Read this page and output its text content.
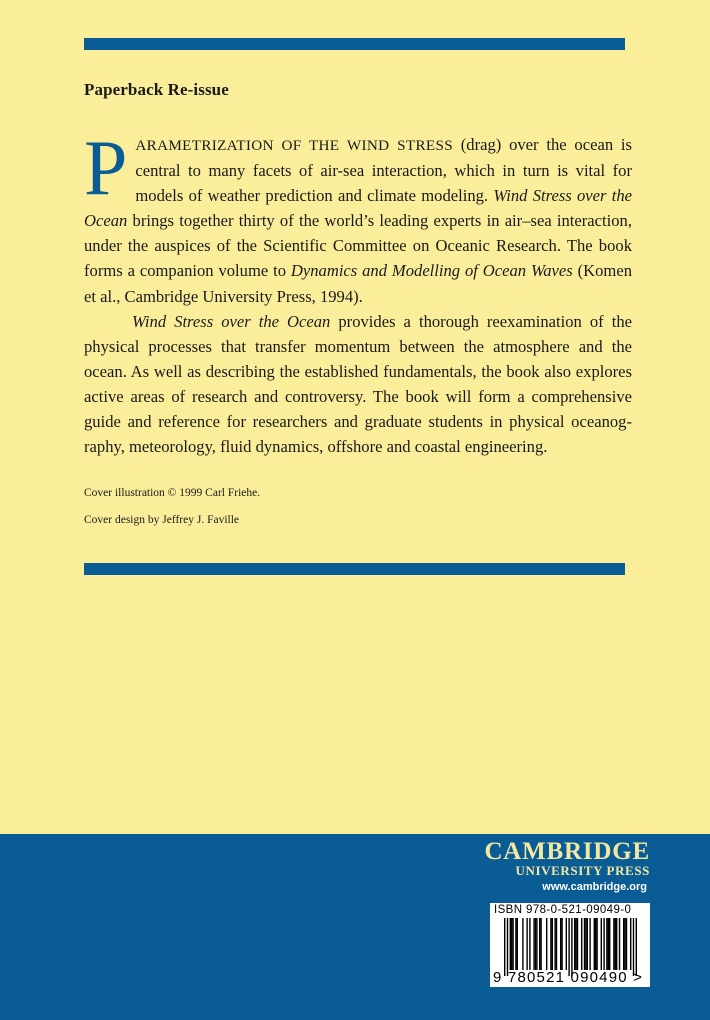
Paperback Re-issue

PARAMETRIZATION OF THE WIND STRESS (drag) over the ocean is central to many facets of air-sea interaction, which in turn is vital for models of weather prediction and climate modeling. Wind Stress over the Ocean brings together thirty of the world’s leading experts in air–sea interaction, under the auspices of the Scientific Committee on Oceanic Research. The book forms a companion volume to Dynamics and Modelling of Ocean Waves (Komen et al., Cambridge University Press, 1994).

Wind Stress over the Ocean provides a thorough reexamination of the physical processes that transfer momentum between the atmosphere and the ocean. As well as describing the established fundamentals, the book also explores active areas of research and controversy. The book will form a comprehensive guide and reference for researchers and graduate students in physical oceanography, meteorology, fluid dynamics, offshore and coastal engineering.

Cover illustration © 1999 Carl Friehe.
Cover design by Jeffrey J. Faville
CAMBRIDGE
UNIVERSITY PRESS
www.cambridge.org
ISBN 978-0-521-09049-0
9 780521 090490 >
